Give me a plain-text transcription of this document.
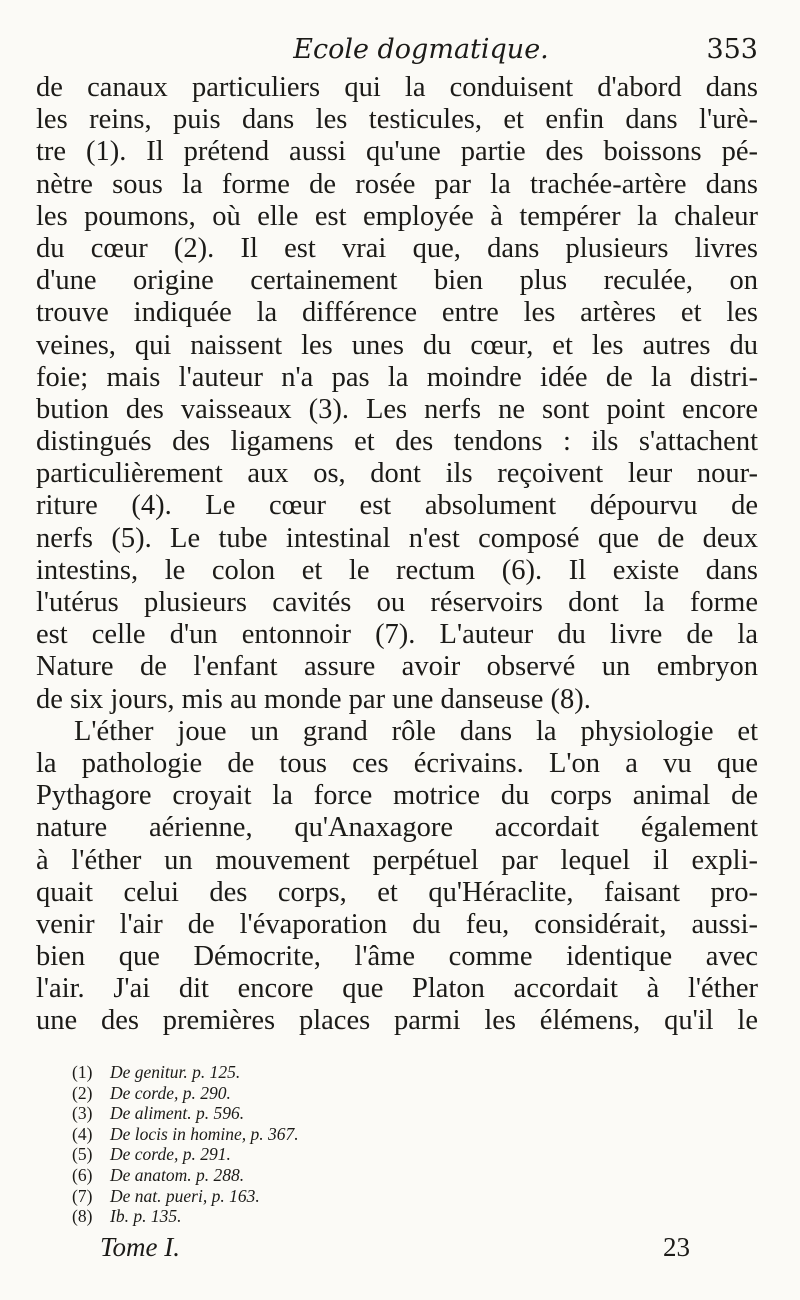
Ecole dogmatique.	353
de canaux particuliers qui la conduisent d'abord dans
les reins, puis dans les testicules, et enfin dans l'urè-
tre (1). Il prétend aussi qu'une partie des boissons pé-
nètre sous la forme de rosée par la trachée-artère dans
les poumons, où elle est employée à tempérer la chaleur
du cœur (2). Il est vrai que, dans plusieurs livres
d'une origine certainement bien plus reculée, on
trouve indiquée la différence entre les artères et les
veines, qui naissent les unes du cœur, et les autres du
foie; mais l'auteur n'a pas la moindre idée de la distri-
bution des vaisseaux (3). Les nerfs ne sont point encore
distingués des ligamens et des tendons : ils s'attachent
particulièrement aux os, dont ils reçoivent leur nour-
riture (4). Le cœur est absolument dépourvu de
nerfs (5). Le tube intestinal n'est composé que de deux
intestins, le colon et le rectum (6). Il existe dans
l'utérus plusieurs cavités ou réservoirs dont la forme
est celle d'un entonnoir (7). L'auteur du livre de la
Nature de l'enfant assure avoir observé un embryon
de six jours, mis au monde par une danseuse (8).
L'éther joue un grand rôle dans la physiologie et
la pathologie de tous ces écrivains. L'on a vu que
Pythagore croyait la force motrice du corps animal de
nature aérienne, qu'Anaxagore accordait également
à l'éther un mouvement perpétuel par lequel il expli-
quait celui des corps, et qu'Héraclite, faisant pro-
venir l'air de l'évaporation du feu, considérait, aussi-
bien que Démocrite, l'âme comme identique avec
l'air. J'ai dit encore que Platon accordait à l'éther
une des premières places parmi les élémens, qu'il le
(1) De genitur. p. 125.
(2) De corde, p. 290.
(3) De aliment. p. 596.
(4) De locis in homine, p. 367.
(5) De corde, p. 291.
(6) De anatom. p. 288.
(7) De nat. pueri, p. 163.
(8) Ib. p. 135.
Tome I.	23
